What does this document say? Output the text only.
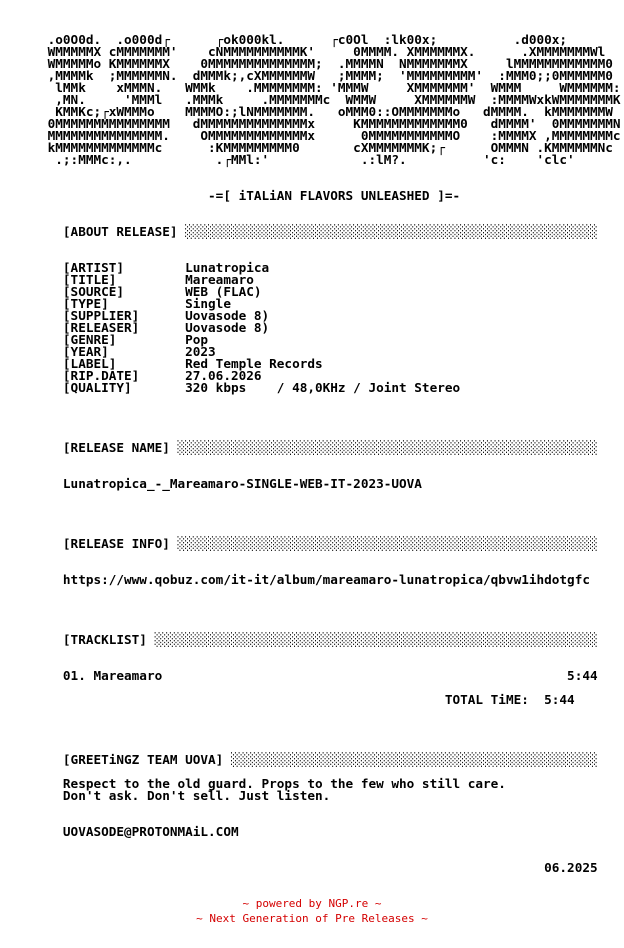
.o0O0d.  .o000d┌      ┌ok000kl.      ┌c0Ol  :lk00x;          .d000x;
WMMMMMX cMMMMMMM'    cNMMMMMMMMMMK'     0MMMM. XMMMMMMX.      .XMMMMMMMWl
WMMMMMo KMMMMMMX    0MMMMMMMMMMMMMM;  .MMMMN  NMMMMMMMX     lMMMMMMMMMMMM0
,MMMMk  ;MMMMMMN.  dMMMk;,cXMMMMMMW   ;MMMM;  'MMMMMMMMM'  :MMM0;;0MMMMMM0
lMMk    xMMMN.   WMMk    .MMMMMMMM: 'MMMW     XMMMMMMM'  WMMM     WMMMMMM:
,MN.     'MMMl   .MMMk     .MMMMMMMc  WMMW     XMMMMMMW  :MMMMWxkWMMMMMMMK
KMMKc;┌xWMMMo    MMMMO:;lNMMMMMMM.   oMMM0::OMMMMMMMo   dMMMM.  kMMMMMMMW
0MMMMMMMMMMMMMMM   dMMMMMMMMMMMMMMx     KMMMMMMMMMMMMM0   dMMMM'  0MMMMMMMN
MMMMMMMMMMMMMMM.    OMMMMMMMMMMMMMx      0MMMMMMMMMMMO    :MMMMX ,MMMMMMMMc
kMMMMMMMMMMMMMc      :KMMMMMMMMM0       cXMMMMMMMK;┌      OMMMN .KMMMMMMNc
.;:MMMc:,.           .┌MMl:'            .:lM?.          'c:    'clc'

-=[ iTALiAN FLAVORS UNLEASHED ]=-

[ABOUT RELEASE] ░░░░░░░░░░░░░░░░░░░░░░░░░░░░░░░░░░░░░░░░░░░░░░░░░░░░░░

[ARTIST]        Lunatropica
[TITLE]         Mareamaro
[SOURCE]        WEB (FLAC)
[TYPE]          Single
[SUPPLIER]      Uovasode 8)
[RELEASER]      Uovasode 8)
[GENRE]         Pop
[YEAR]          2023
[LABEL]         Red Temple Records
[RIP.DATE]      27.06.2026
[QUALITY]       320 kbps    / 48,0KHz / Joint Stereo

[RELEASE NAME] ░░░░░░░░░░░░░░░░░░░░░░░░░░░░░░░░░░░░░░░░░░░░░░░░░░░░░░░

Lunatropica_-_Mareamaro-SINGLE-WEB-IT-2023-UOVA

[RELEASE INFO] ░░░░░░░░░░░░░░░░░░░░░░░░░░░░░░░░░░░░░░░░░░░░░░░░░░░░░░░

https://www.qobuz.com/it-it/album/mareamaro-lunatropica/qbvw1ihdotgfc

[TRACKLIST] ░░░░░░░░░░░░░░░░░░░░░░░░░░░░░░░░░░░░░░░░░░░░░░░░░░░░░░░░░░

01. Mareamaro                                                     5:44

TOTAL TiME:  5:44

[GREETiNGZ TEAM UOVA] ░░░░░░░░░░░░░░░░░░░░░░░░░░░░░░░░░░░░░░░░░░░░░░░░

Respect to the old guard. Props to the few who still care.
Don't ask. Don't sell. Just listen.

UOVASODE@PROTONMAiL.COM

06.2025
~ powered by NGP.re ~
~ Next Generation of Pre Releases ~
